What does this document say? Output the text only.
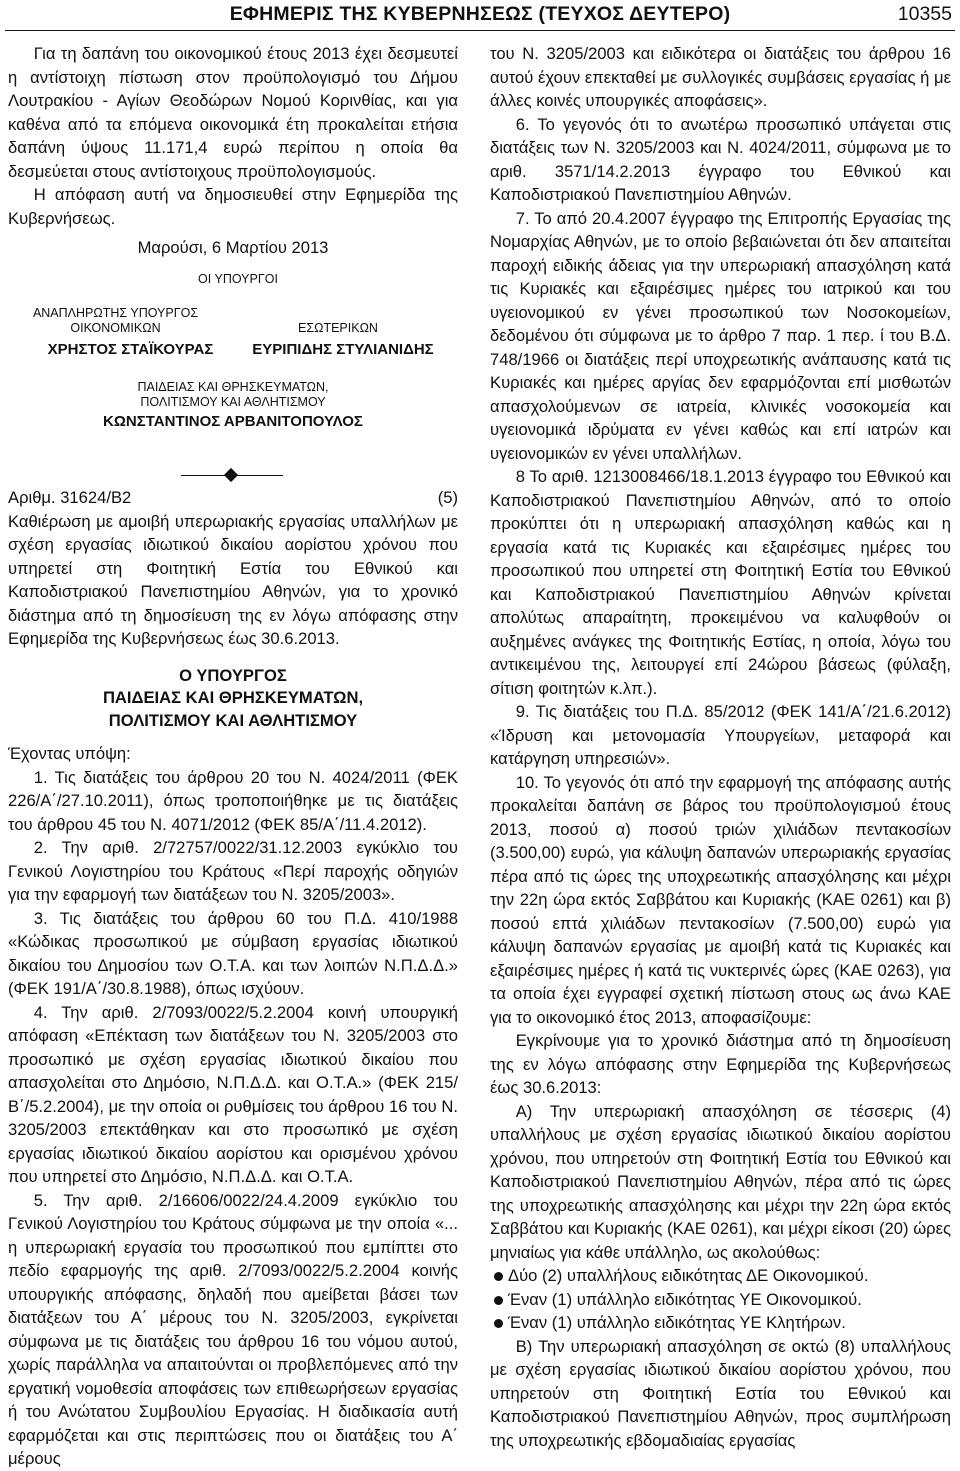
ΕΦΗΜΕΡΙΣ ΤΗΣ ΚΥΒΕΡΝΗΣΕΩΣ (ΤΕΥΧΟΣ ΔΕΥΤΕΡΟ)	10355

Για τη δαπάνη του οικονομικού έτους 2013 έχει δεσμευτεί η αντίστοιχη πίστωση στον προϋπολογισμό του Δήμου Λουτρακίου - Αγίων Θεοδώρων Νομού Κορινθίας, και για καθένα από τα επόμενα οικονομικά έτη προκαλείται ετήσια δαπάνη ύψους 11.171,4 ευρώ περίπου η οποία θα δεσμεύεται στους αντίστοιχους προϋπολογισμούς.

Η απόφαση αυτή να δημοσιευθεί στην Εφημερίδα της Κυβερνήσεως.

Μαρούσι, 6 Μαρτίου 2013
ΟΙ ΥΠΟΥΡΓΟΙ
ΑΝΑΠΛΗΡΩΤΗΣ ΥΠΟΥΡΓΟΣ
ΟΙΚΟΝΟΜΙΚΩΝ	ΕΣΩΤΕΡΙΚΩΝ
ΧΡΗΣΤΟΣ ΣΤΑΪΚΟΥΡΑΣ	ΕΥΡΙΠΙΔΗΣ ΣΤΥΛΙΑΝΙΔΗΣ
ΠΑΙΔΕΙΑΣ ΚΑΙ ΘΡΗΣΚΕΥΜΑΤΩΝ,
ΠΟΛΙΤΙΣΜΟΥ ΚΑΙ ΑΘΛΗΤΙΣΜΟΥ
ΚΩΝΣΤΑΝΤΙΝΟΣ ΑΡΒΑΝΙΤΟΠΟΥΛΟΣ
Αριθμ. 31624/Β2	(5)

Καθιέρωση με αμοιβή υπερωριακής εργασίας υπαλλήλων με σχέση εργασίας ιδιωτικού δικαίου αορίστου χρόνου που υπηρετεί στη Φοιτητική Εστία του Εθνικού και Καποδιστριακού Πανεπιστημίου Αθηνών, για το χρονικό διάστημα από τη δημοσίευση της εν λόγω απόφασης στην Εφημερίδα της Κυβερνήσεως έως 30.6.2013.

Ο ΥΠΟΥΡΓΟΣ
ΠΑΙΔΕΙΑΣ ΚΑΙ ΘΡΗΣΚΕΥΜΑΤΩΝ,
ΠΟΛΙΤΙΣΜΟΥ ΚΑΙ ΑΘΛΗΤΙΣΜΟΥ

Έχοντας υπόψη:

1. Τις διατάξεις του άρθρου 20 του Ν. 4024/2011 (ΦΕΚ 226/Α΄/27.10.2011), όπως τροποποιήθηκε με τις διατάξεις του άρθρου 45 του Ν. 4071/2012 (ΦΕΚ 85/Α΄/11.4.2012).

2. Την αριθ. 2/72757/0022/31.12.2003 εγκύκλιο του Γενικού Λογιστηρίου του Κράτους «Περί παροχής οδηγιών για την εφαρμογή των διατάξεων του Ν. 3205/2003».

3. Τις διατάξεις του άρθρου 60 του Π.Δ. 410/1988 «Κώδικας προσωπικού με σύμβαση εργασίας ιδιωτικού δικαίου του Δημοσίου των Ο.Τ.Α. και των λοιπών Ν.Π.Δ.Δ.» (ΦΕΚ 191/Α΄/30.8.1988), όπως ισχύουν.

4. Την αριθ. 2/7093/0022/5.2.2004 κοινή υπουργική απόφαση «Επέκταση των διατάξεων του Ν. 3205/2003 στο προσωπικό με σχέση εργασίας ιδιωτικού δικαίου που απασχολείται στο Δημόσιο, Ν.Π.Δ.Δ. και Ο.Τ.Α.» (ΦΕΚ 215/Β΄/5.2.2004), με την οποία οι ρυθμίσεις του άρθρου 16 του Ν. 3205/2003 επεκτάθηκαν και στο προσωπικό με σχέση εργασίας ιδιωτικού δικαίου αορίστου και ορισμένου χρόνου που υπηρετεί στο Δημόσιο, Ν.Π.Δ.Δ. και Ο.Τ.Α.

5. Την αριθ. 2/16606/0022/24.4.2009 εγκύκλιο του Γενικού Λογιστηρίου του Κράτους σύμφωνα με την οποία «... η υπερωριακή εργασία του προσωπικού που εμπίπτει στο πεδίο εφαρμογής της αριθ. 2/7093/0022/5.2.2004 κοινής υπουργικής απόφασης, δηλαδή που αμείβεται βάσει των διατάξεων του Α΄ μέρους του Ν. 3205/2003, εγκρίνεται σύμφωνα με τις διατάξεις του άρθρου 16 του νόμου αυτού, χωρίς παράλληλα να απαιτούνται οι προβλεπόμενες από την εργατική νομοθεσία αποφάσεις των επιθεωρήσεων εργασίας ή του Ανώτατου Συμβουλίου Εργασίας. Η διαδικασία αυτή εφαρμόζεται και στις περιπτώσεις που οι διατάξεις του Α΄ μέρους

του Ν. 3205/2003 και ειδικότερα οι διατάξεις του άρθρου 16 αυτού έχουν επεκταθεί με συλλογικές συμβάσεις εργασίας ή με άλλες κοινές υπουργικές αποφάσεις».

6. Το γεγονός ότι το ανωτέρω προσωπικό υπάγεται στις διατάξεις των Ν. 3205/2003 και Ν. 4024/2011, σύμφωνα με το αριθ. 3571/14.2.2013 έγγραφο του Εθνικού και Καποδιστριακού Πανεπιστημίου Αθηνών.

7. Το από 20.4.2007 έγγραφο της Επιτροπής Εργασίας της Νομαρχίας Αθηνών, με το οποίο βεβαιώνεται ότι δεν απαιτείται παροχή ειδικής άδειας για την υπερωριακή απασχόληση κατά τις Κυριακές και εξαιρέσιμες ημέρες του ιατρικού και του υγειονομικού εν γένει προσωπικού των Νοσοκομείων, δεδομένου ότι σύμφωνα με το άρθρο 7 παρ. 1 περ. ί του Β.Δ. 748/1966 οι διατάξεις περί υποχρεωτικής ανάπαυσης κατά τις Κυριακές και ημέρες αργίας δεν εφαρμόζονται επί μισθωτών απασχολούμενων σε ιατρεία, κλινικές νοσοκομεία και υγειονομικά ιδρύματα εν γένει καθώς και επί ιατρών και υγειονομικών εν γένει υπαλλήλων.

8 Το αριθ. 1213008466/18.1.2013 έγγραφο του Εθνικού και Καποδιστριακού Πανεπιστημίου Αθηνών, από το οποίο προκύπτει ότι η υπερωριακή απασχόληση καθώς και η εργασία κατά τις Κυριακές και εξαιρέσιμες ημέρες του προσωπικού που υπηρετεί στη Φοιτητική Εστία του Εθνικού και Καποδιστριακού Πανεπιστημίου Αθηνών κρίνεται απολύτως απαραίτητη, προκειμένου να καλυφθούν οι αυξημένες ανάγκες της Φοιτητικής Εστίας, η οποία, λόγω του αντικειμένου της, λειτουργεί επί 24ώρου βάσεως (φύλαξη, σίτιση φοιτητών κ.λπ.).

9. Τις διατάξεις του Π.Δ. 85/2012 (ΦΕΚ 141/Α΄/21.6.2012) «Ίδρυση και μετονομασία Υπουργείων, μεταφορά και κατάργηση υπηρεσιών».

10. Το γεγονός ότι από την εφαρμογή της απόφασης αυτής προκαλείται δαπάνη σε βάρος του προϋπολογισμού έτους 2013, ποσού α) ποσού τριών χιλιάδων πεντακοσίων (3.500,00) ευρώ, για κάλυψη δαπανών υπερωριακής εργασίας πέρα από τις ώρες της υποχρεωτικής απασχόλησης και μέχρι την 22η ώρα εκτός Σαββάτου και Κυριακής (ΚΑΕ 0261) και β) ποσού επτά χιλιάδων πεντακοσίων (7.500,00) ευρώ για κάλυψη δαπανών εργασίας με αμοιβή κατά τις Κυριακές και εξαιρέσιμες ημέρες ή κατά τις νυκτερινές ώρες (ΚΑΕ 0263), για τα οποία έχει εγγραφεί σχετική πίστωση στους ως άνω ΚΑΕ για το οικονομικό έτος 2013, αποφασίζουμε:

Εγκρίνουμε για το χρονικό διάστημα από τη δημοσίευση της εν λόγω απόφασης στην Εφημερίδα της Κυβερνήσεως έως 30.6.2013:

Α) Την υπερωριακή απασχόληση σε τέσσερις (4) υπαλλήλους με σχέση εργασίας ιδιωτικού δικαίου αορίστου χρόνου, που υπηρετούν στη Φοιτητική Εστία του Εθνικού και Καποδιστριακού Πανεπιστημίου Αθηνών, πέρα από τις ώρες της υποχρεωτικής απασχόλησης και μέχρι την 22η ώρα εκτός Σαββάτου και Κυριακής (ΚΑΕ 0261), και μέχρι είκοσι (20) ώρες μηνιαίως για κάθε υπάλληλο, ως ακολούθως:

Δύο (2) υπαλλήλους ειδικότητας ΔΕ Οικονομικού.

Έναν (1) υπάλληλο ειδικότητας ΥΕ Οικονομικού.

Έναν (1) υπάλληλο ειδικότητας ΥΕ Κλητήρων.

Β) Την υπερωριακή απασχόληση σε οκτώ (8) υπαλλήλους με σχέση εργασίας ιδιωτικού δικαίου αορίστου χρόνου, που υπηρετούν στη Φοιτητική Εστία του Εθνικού και Καποδιστριακού Πανεπιστημίου Αθηνών, προς συμπλήρωση της υποχρεωτικής εβδομαδιαίας εργασίας
